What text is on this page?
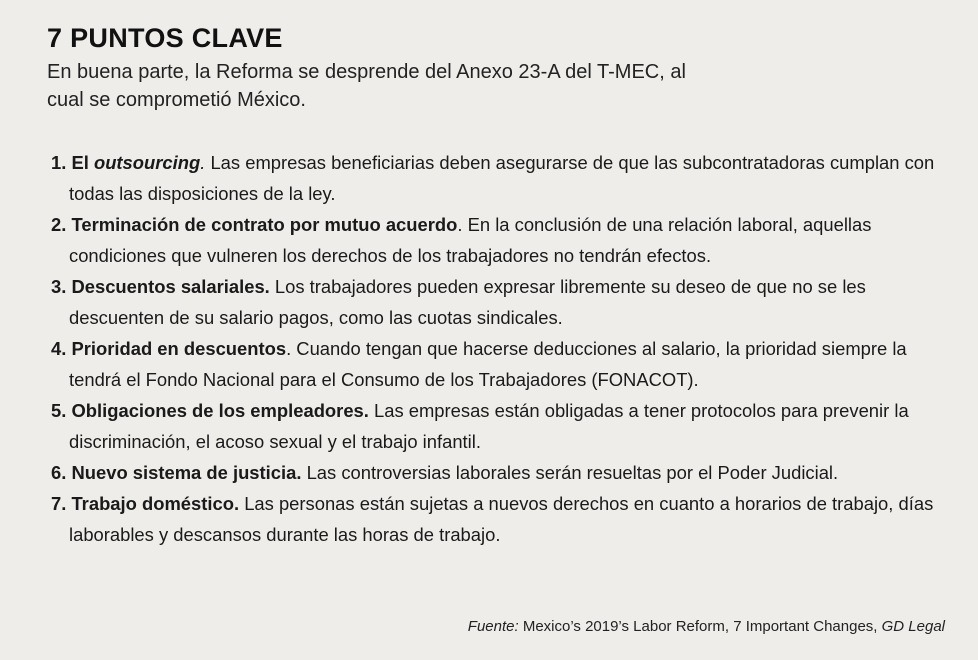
7 PUNTOS CLAVE

En buena parte, la Reforma se desprende del Anexo 23-A del T-MEC, al cual se comprometió México.

1. El outsourcing. Las empresas beneficiarias deben asegurarse de que las subcontratadoras cumplan con todas las disposiciones de la ley.
2. Terminación de contrato por mutuo acuerdo. En la conclusión de una relación laboral, aquellas condiciones que vulneren los derechos de los trabajadores no tendrán efectos.
3. Descuentos salariales. Los trabajadores pueden expresar libremente su deseo de que no se les descuenten de su salario pagos, como las cuotas sindicales.
4. Prioridad en descuentos. Cuando tengan que hacerse deducciones al salario, la prioridad siempre la tendrá el Fondo Nacional para el Consumo de los Trabajadores (FONACOT).
5. Obligaciones de los empleadores. Las empresas están obligadas a tener protocolos para prevenir la discriminación, el acoso sexual y el trabajo infantil.
6. Nuevo sistema de justicia. Las controversias laborales serán resueltas por el Poder Judicial.
7. Trabajo doméstico. Las personas están sujetas a nuevos derechos en cuanto a horarios de trabajo, días laborables y descansos durante las horas de trabajo.
Fuente: Mexico’s 2019’s Labor Reform, 7 Important Changes, GD Legal
